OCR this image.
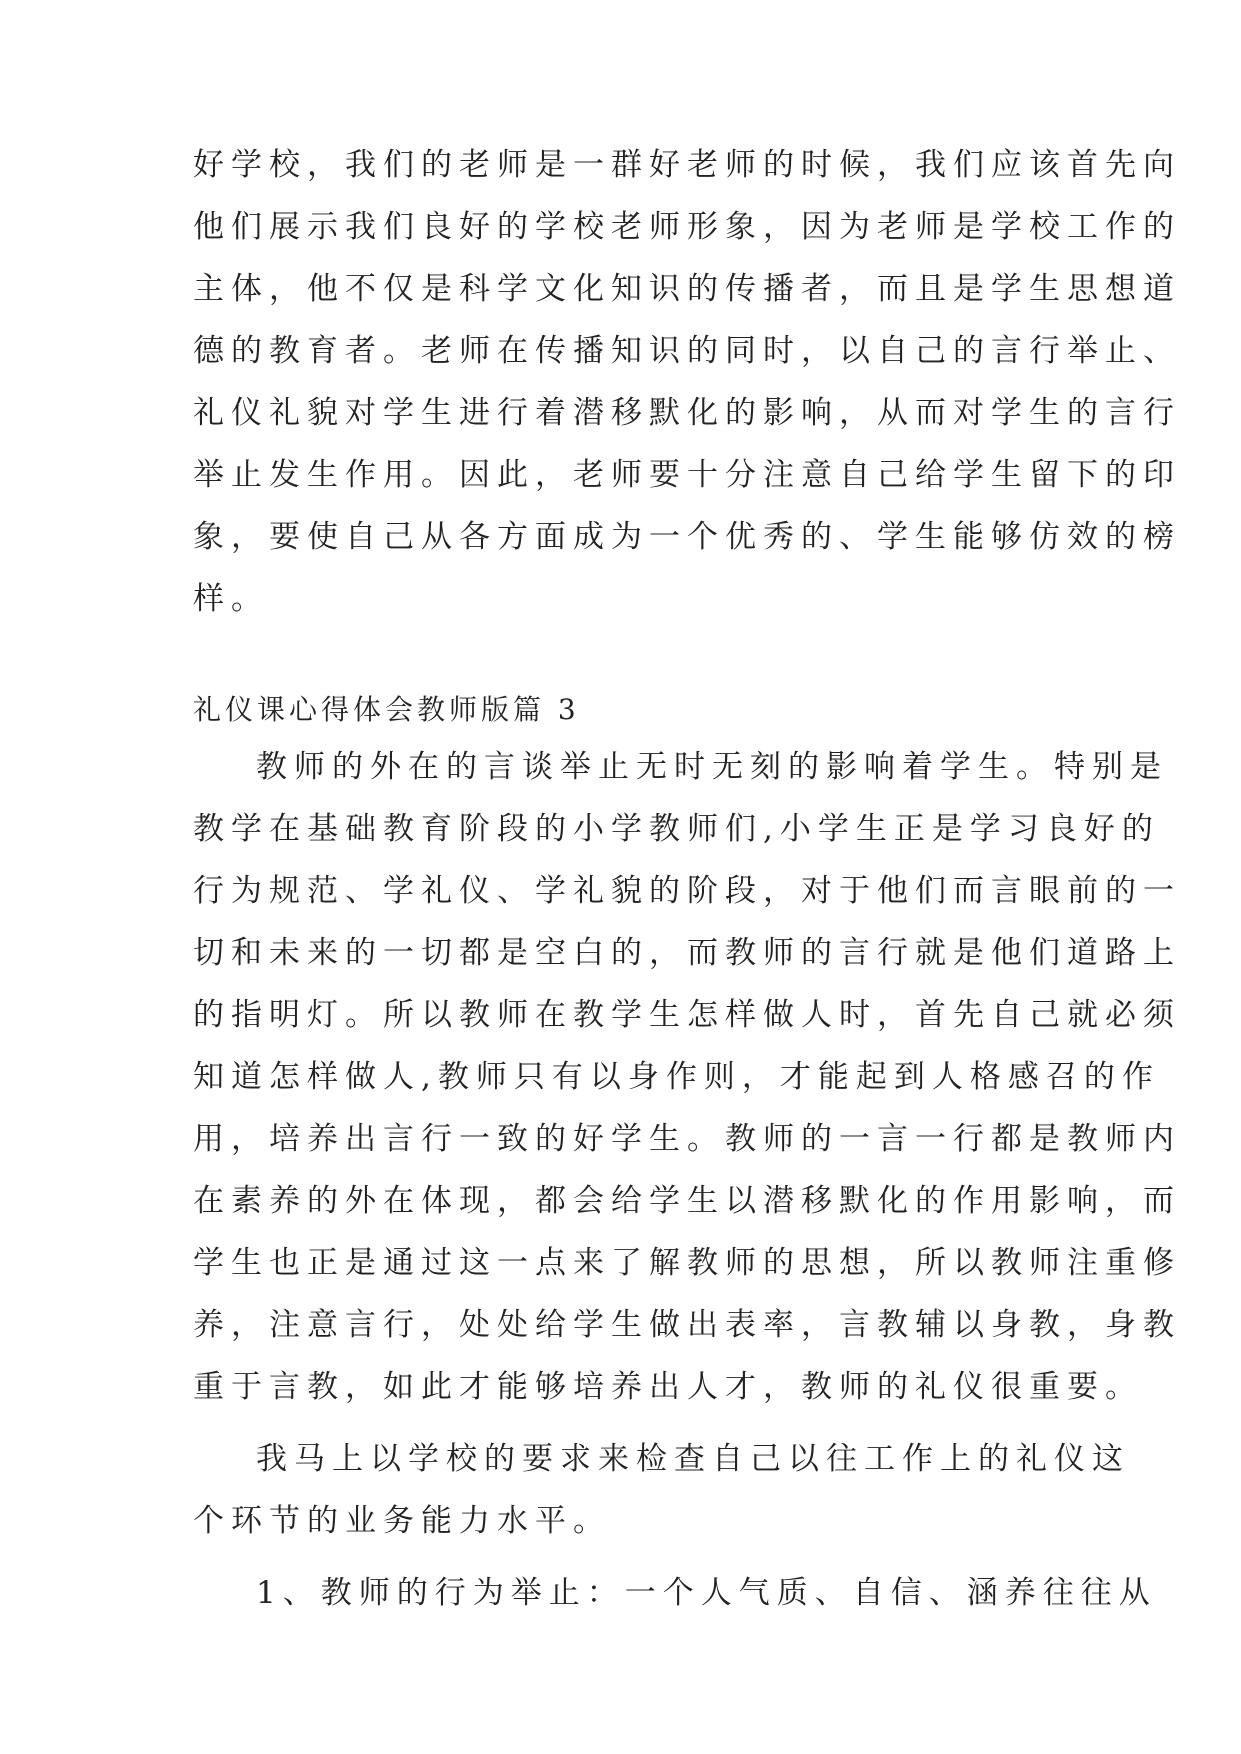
好学校，我们的老师是一群好老师的时候，我们应该首先向
他们展示我们良好的学校老师形象，因为老师是学校工作的
主体，他不仅是科学文化知识的传播者，而且是学生思想道
德的教育者。老师在传播知识的同时，以自己的言行举止、
礼仪礼貌对学生进行着潜移默化的影响，从而对学生的言行
举止发生作用。因此，老师要十分注意自己给学生留下的印
象，要使自己从各方面成为一个优秀的、学生能够仿效的榜
样。
礼仪课心得体会教师版篇 3
教师的外在的言谈举止无时无刻的影响着学生。特别是
教学在基础教育阶段的小学教师们,小学生正是学习良好的
行为规范、学礼仪、学礼貌的阶段，对于他们而言眼前的一
切和未来的一切都是空白的，而教师的言行就是他们道路上
的指明灯。所以教师在教学生怎样做人时，首先自己就必须
知道怎样做人,教师只有以身作则，才能起到人格感召的作
用，培养出言行一致的好学生。教师的一言一行都是教师内
在素养的外在体现，都会给学生以潜移默化的作用影响，而
学生也正是通过这一点来了解教师的思想，所以教师注重修
养，注意言行，处处给学生做出表率，言教辅以身教，身教
重于言教，如此才能够培养出人才，教师的礼仪很重要。
我马上以学校的要求来检查自己以往工作上的礼仪这
个环节的业务能力水平。
1、教师的行为举止：一个人气质、自信、涵养往往从
